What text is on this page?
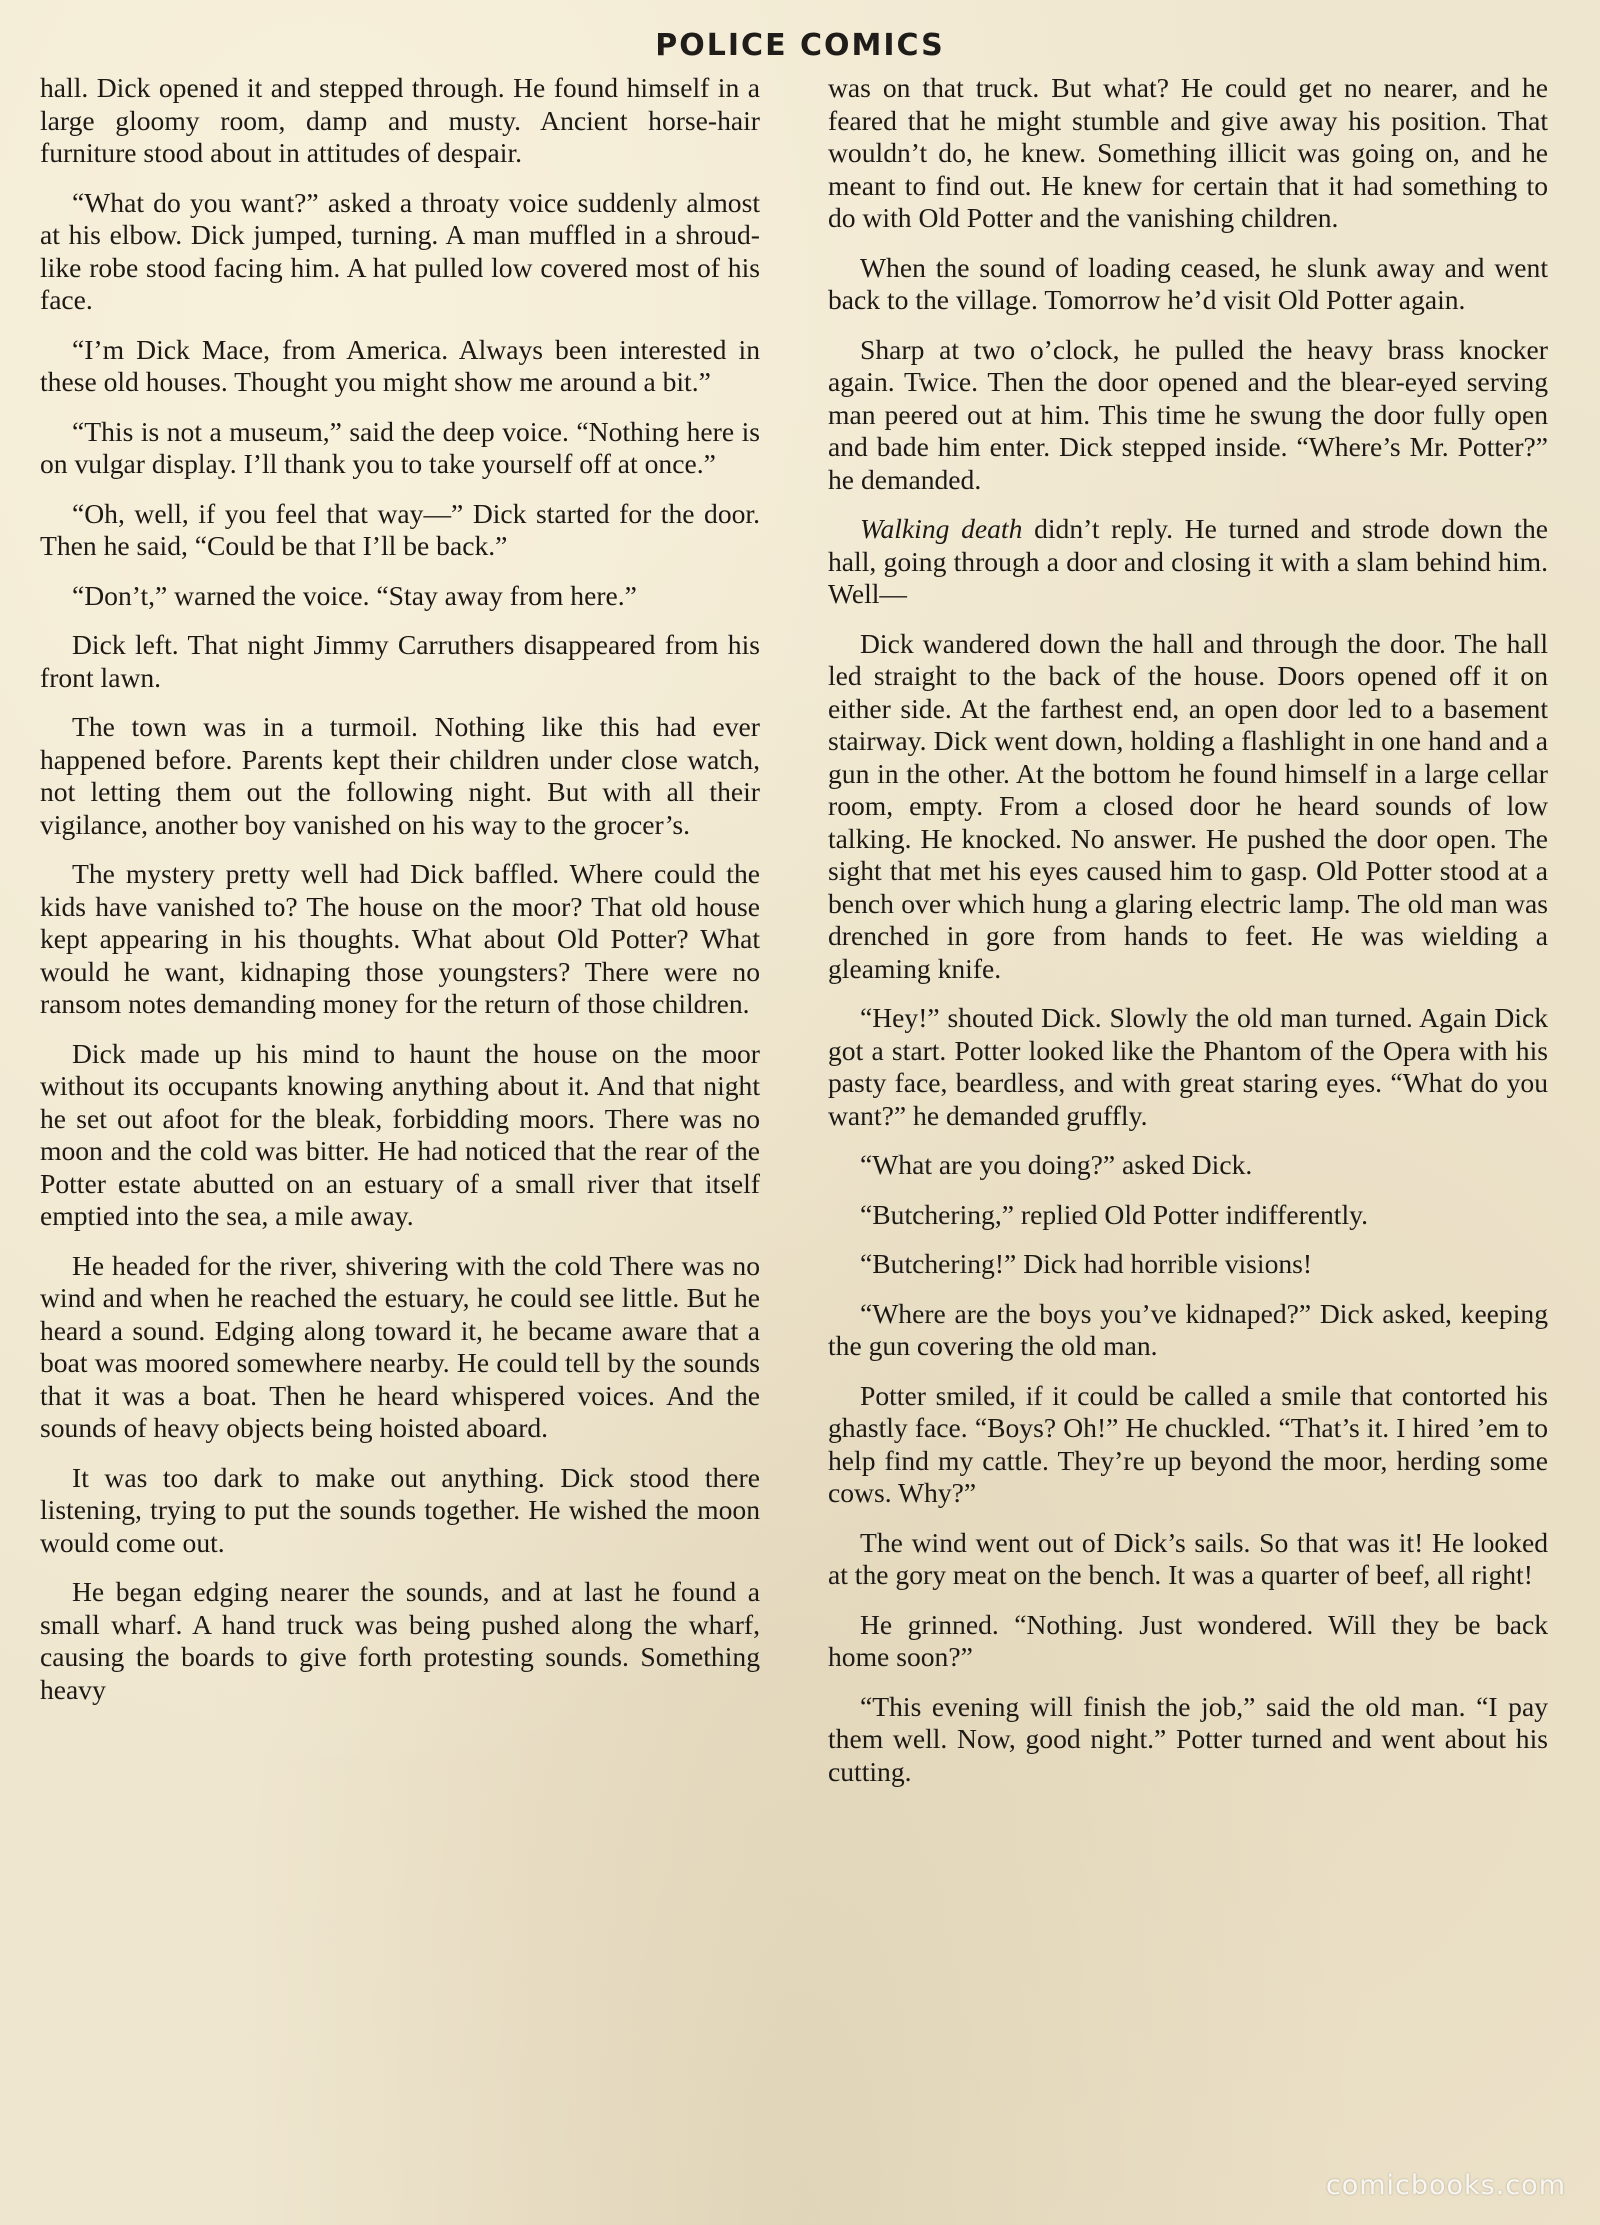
POLICE COMICS

hall. Dick opened it and stepped through. He found himself in a large gloomy room, damp and musty. Ancient horse-hair furniture stood about in attitudes of despair.

“What do you want?” asked a throaty voice suddenly almost at his elbow. Dick jumped, turning. A man muffled in a shroud-like robe stood facing him. A hat pulled low covered most of his face.

“I’m Dick Mace, from America. Always been interested in these old houses. Thought you might show me around a bit.”

“This is not a museum,” said the deep voice. “Nothing here is on vulgar display. I’ll thank you to take yourself off at once.”

“Oh, well, if you feel that way—” Dick started for the door. Then he said, “Could be that I’ll be back.”

“Don’t,” warned the voice. “Stay away from here.”

Dick left. That night Jimmy Carruthers disappeared from his front lawn.

The town was in a turmoil. Nothing like this had ever happened before. Parents kept their children under close watch, not letting them out the following night. But with all their vigilance, another boy vanished on his way to the grocer’s.

The mystery pretty well had Dick baffled. Where could the kids have vanished to? The house on the moor? That old house kept appearing in his thoughts. What about Old Potter? What would he want, kidnaping those youngsters? There were no ransom notes demanding money for the return of those children.

Dick made up his mind to haunt the house on the moor without its occupants knowing anything about it. And that night he set out afoot for the bleak, forbidding moors. There was no moon and the cold was bitter. He had noticed that the rear of the Potter estate abutted on an estuary of a small river that itself emptied into the sea, a mile away.

He headed for the river, shivering with the cold There was no wind and when he reached the estuary, he could see little. But he heard a sound. Edging along toward it, he became aware that a boat was moored somewhere nearby. He could tell by the sounds that it was a boat. Then he heard whispered voices. And the sounds of heavy objects being hoisted aboard.

It was too dark to make out anything. Dick stood there listening, trying to put the sounds together. He wished the moon would come out.

He began edging nearer the sounds, and at last he found a small wharf. A hand truck was being pushed along the wharf, causing the boards to give forth protesting sounds. Something heavy

was on that truck. But what? He could get no nearer, and he feared that he might stumble and give away his position. That wouldn’t do, he knew. Something illicit was going on, and he meant to find out. He knew for certain that it had something to do with Old Potter and the vanishing children.

When the sound of loading ceased, he slunk away and went back to the village. Tomorrow he’d visit Old Potter again.

Sharp at two o’clock, he pulled the heavy brass knocker again. Twice. Then the door opened and the blear-eyed serving man peered out at him. This time he swung the door fully open and bade him enter. Dick stepped inside. “Where’s Mr. Potter?” he demanded.

Walking death didn’t reply. He turned and strode down the hall, going through a door and closing it with a slam behind him. Well—

Dick wandered down the hall and through the door. The hall led straight to the back of the house. Doors opened off it on either side. At the farthest end, an open door led to a basement stairway. Dick went down, holding a flashlight in one hand and a gun in the other. At the bottom he found himself in a large cellar room, empty. From a closed door he heard sounds of low talking. He knocked. No answer. He pushed the door open. The sight that met his eyes caused him to gasp. Old Potter stood at a bench over which hung a glaring electric lamp. The old man was drenched in gore from hands to feet. He was wielding a gleaming knife.

“Hey!” shouted Dick. Slowly the old man turned. Again Dick got a start. Potter looked like the Phantom of the Opera with his pasty face, beardless, and with great staring eyes. “What do you want?” he demanded gruffly.

“What are you doing?” asked Dick.

“Butchering,” replied Old Potter indifferently.

“Butchering!” Dick had horrible visions!

“Where are the boys you’ve kidnaped?” Dick asked, keeping the gun covering the old man.

Potter smiled, if it could be called a smile that contorted his ghastly face. “Boys? Oh!” He chuckled. “That’s it. I hired ’em to help find my cattle. They’re up beyond the moor, herding some cows. Why?”

The wind went out of Dick’s sails. So that was it! He looked at the gory meat on the bench. It was a quarter of beef, all right!

He grinned. “Nothing. Just wondered. Will they be back home soon?”

“This evening will finish the job,” said the old man. “I pay them well. Now, good night.” Potter turned and went about his cutting.

comicbooks.com
